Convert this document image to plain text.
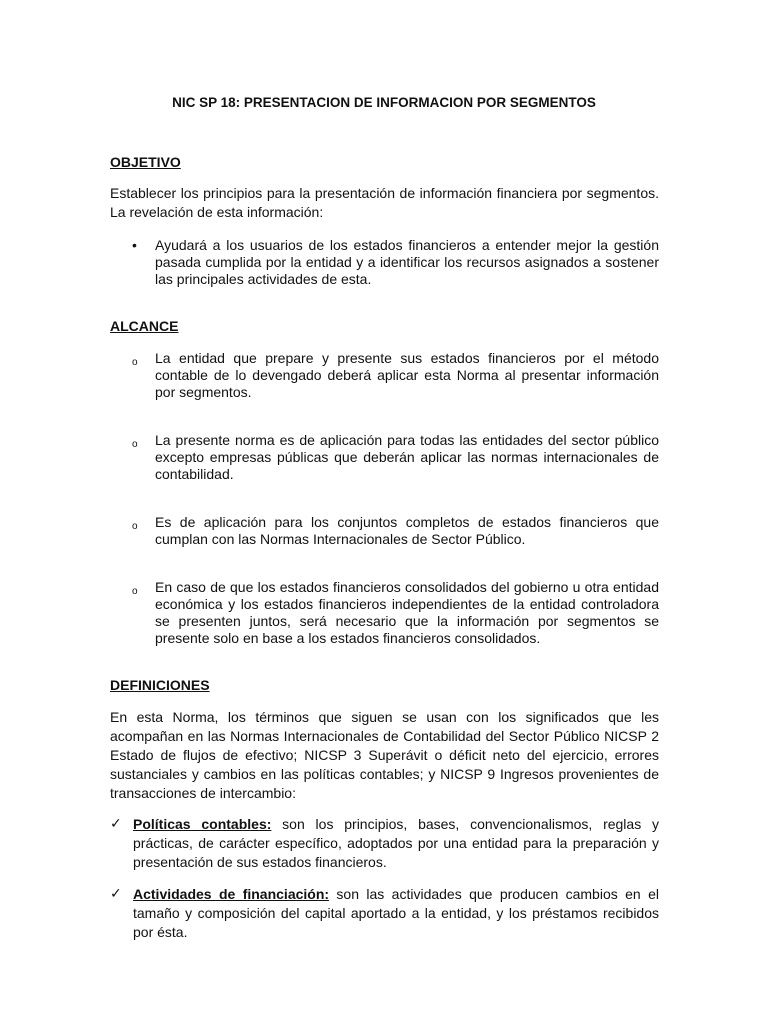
NIC SP 18: PRESENTACION DE INFORMACION POR SEGMENTOS
OBJETIVO
Establecer los principios para la presentación de información financiera por segmentos. La revelación de esta información:
• Ayudará a los usuarios de los estados financieros a entender mejor la gestión pasada cumplida por la entidad y a identificar los recursos asignados a sostener las principales actividades de esta.
ALCANCE
o La entidad que prepare y presente sus estados financieros por el método contable de lo devengado deberá aplicar esta Norma al presentar información por segmentos.
o La presente norma es de aplicación para todas las entidades del sector público excepto empresas públicas que deberán aplicar las normas internacionales de contabilidad.
o Es de aplicación para los conjuntos completos de estados financieros que cumplan con las Normas Internacionales de Sector Público.
o En caso de que los estados financieros consolidados del gobierno u otra entidad económica y los estados financieros independientes de la entidad controladora se presenten juntos, será necesario que la información por segmentos se presente solo en base a los estados financieros consolidados.
DEFINICIONES
En esta Norma, los términos que siguen se usan con los significados que les acompañan en las Normas Internacionales de Contabilidad del Sector Público NICSP 2 Estado de flujos de efectivo; NICSP 3 Superávit o déficit neto del ejercicio, errores sustanciales y cambios en las políticas contables; y NICSP 9 Ingresos provenientes de transacciones de intercambio:
✓ Políticas contables: son los principios, bases, convencionalismos, reglas y prácticas, de carácter específico, adoptados por una entidad para la preparación y presentación de sus estados financieros.
✓ Actividades de financiación: son las actividades que producen cambios en el tamaño y composición del capital aportado a la entidad, y los préstamos recibidos por ésta.
